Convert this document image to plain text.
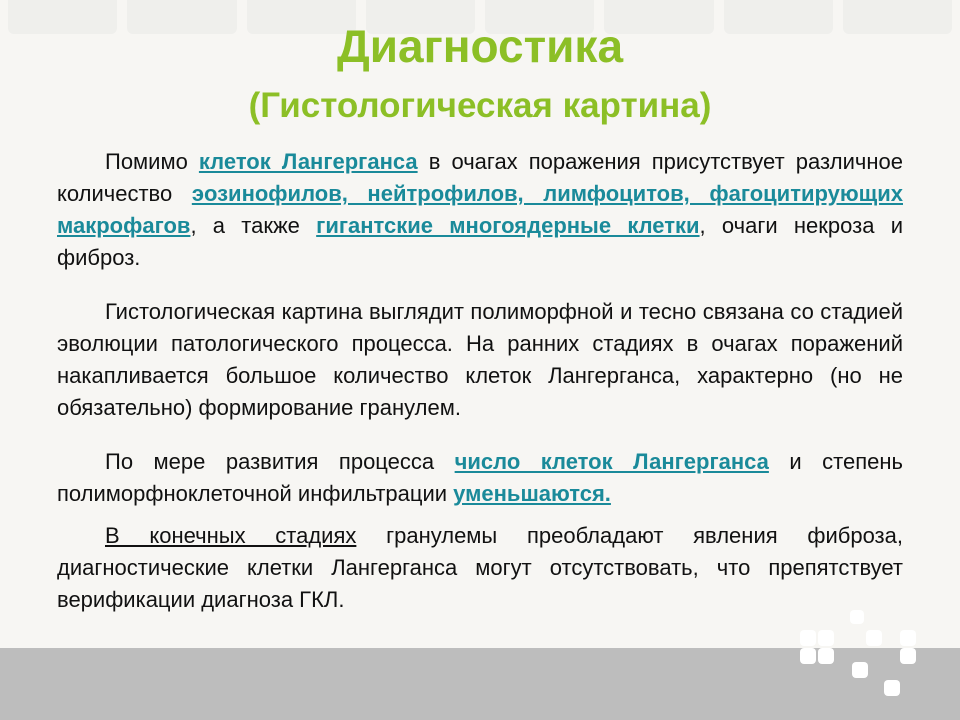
Диагностика
(Гистологическая картина)

Помимо клеток Лангерганса в очагах поражения присутствует различное количество эозинофилов, нейтрофилов, лимфоцитов, фагоцитирующих макрофагов, а также гигантские многоядерные клетки, очаги некроза и фиброз.

Гистологическая картина выглядит полиморфной и тесно связана со стадией эволюции патологического процесса. На ранних стадиях в очагах поражений накапливается большое количество клеток Лангерганса, характерно (но не обязательно) формирование гранулем.

По мере развития процесса число клеток Лангерганса и степень полиморфноклеточной инфильтрации уменьшаются.

В конечных стадиях гранулемы преобладают явления фиброза, диагностические клетки Лангерганса могут отсутствовать, что препятствует верификации диагноза ГКЛ.
